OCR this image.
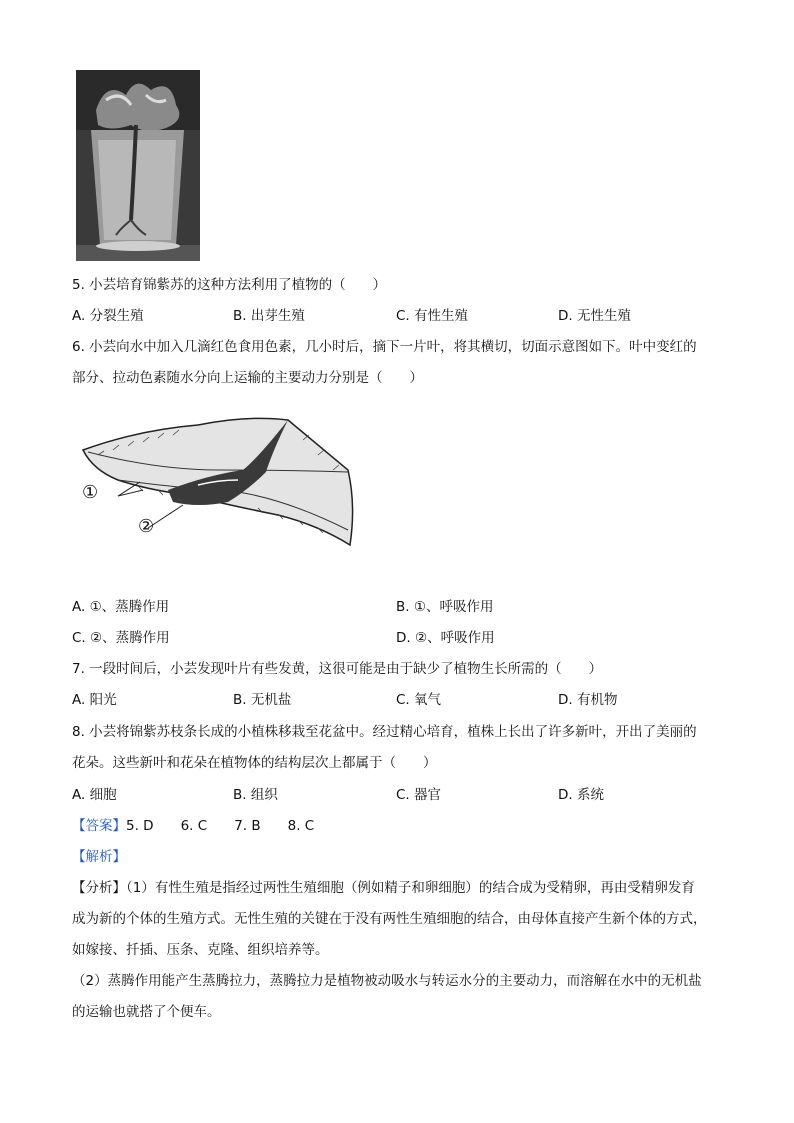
5. 小芸培育锦紫苏的这种方法利用了植物的（　　）
A. 分裂生殖	B. 出芽生殖	C. 有性生殖	D. 无性生殖
6. 小芸向水中加入几滴红色食用色素，几小时后，摘下一片叶，将其横切，切面示意图如下。叶中变红的
部分、拉动色素随水分向上运输的主要动力分别是（　　）
①
②
A. ①、蒸腾作用	B. ①、呼吸作用
C. ②、蒸腾作用	D. ②、呼吸作用
7. 一段时间后，小芸发现叶片有些发黄，这很可能是由于缺少了植物生长所需的（　　）
A. 阳光	B. 无机盐	C. 氧气	D. 有机物
8. 小芸将锦紫苏枝条长成的小植株移栽至花盆中。经过精心培育，植株上长出了许多新叶，开出了美丽的
花朵。这些新叶和花朵在植物体的结构层次上都属于（　　）
A. 细胞	B. 组织	C. 器官	D. 系统
【答案】5. D 6. C 7. B 8. C
【解析】
【分析】（1）有性生殖是指经过两性生殖细胞（例如精子和卵细胞）的结合成为受精卵，再由受精卵发育
成为新的个体的生殖方式。无性生殖的关键在于没有两性生殖细胞的结合，由母体直接产生新个体的方式，
如嫁接、扦插、压条、克隆、组织培养等。
（2）蒸腾作用能产生蒸腾拉力，蒸腾拉力是植物被动吸水与转运水分的主要动力，而溶解在水中的无机盐
的运输也就搭了个便车。
